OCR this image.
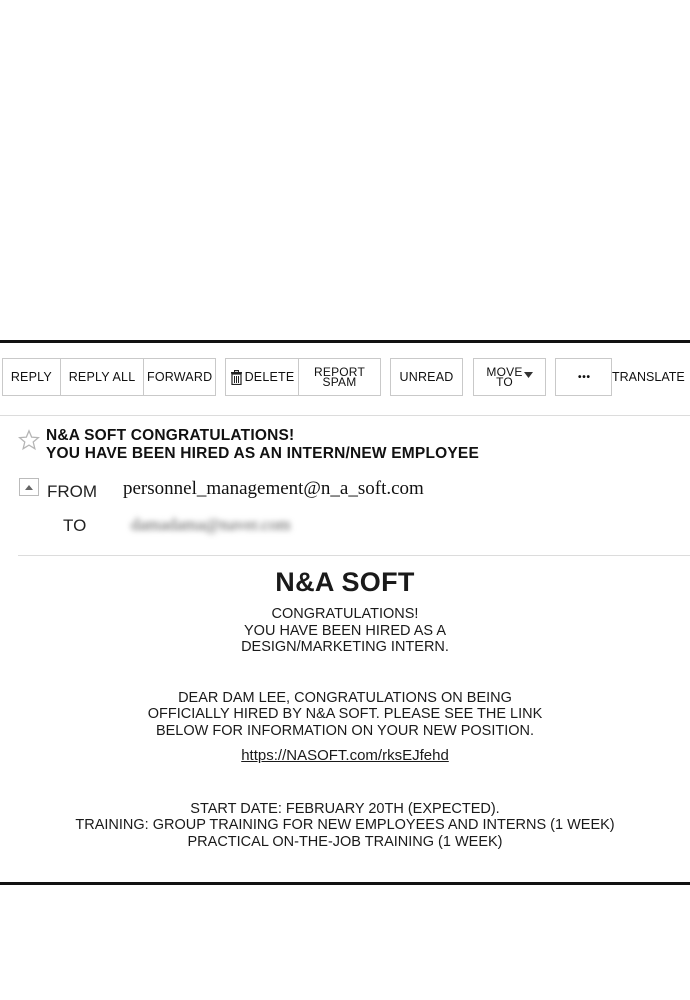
REPLY	REPLY ALL FORWARD	DELETE REPORT
SPAM	UNREAD	MOVE
TO	• • •	TRANSLATE
N&A SOFT CONGRATULATIONS!
YOU HAVE BEEN HIRED AS AN INTERN/NEW EMPLOYEE
FROM personnel_management@n_a_soft.com
TO	damadama@naver.com

N&A SOFT

CONGRATULATIONS!

YOU HAVE BEEN HIRED AS A

DESIGN/MARKETING INTERN.

DEAR DAM LEE, CONGRATULATIONS ON BEING

OFFICIALLY HIRED BY N&A SOFT. PLEASE SEE THE LINK

BELOW FOR INFORMATION ON YOUR NEW POSITION.

https://NASOFT.com/rksEJfehd

START DATE: FEBRUARY 20TH (EXPECTED).

TRAINING: GROUP TRAINING FOR NEW EMPLOYEES AND INTERNS (1 WEEK)

PRACTICAL ON-THE-JOB TRAINING (1 WEEK)
